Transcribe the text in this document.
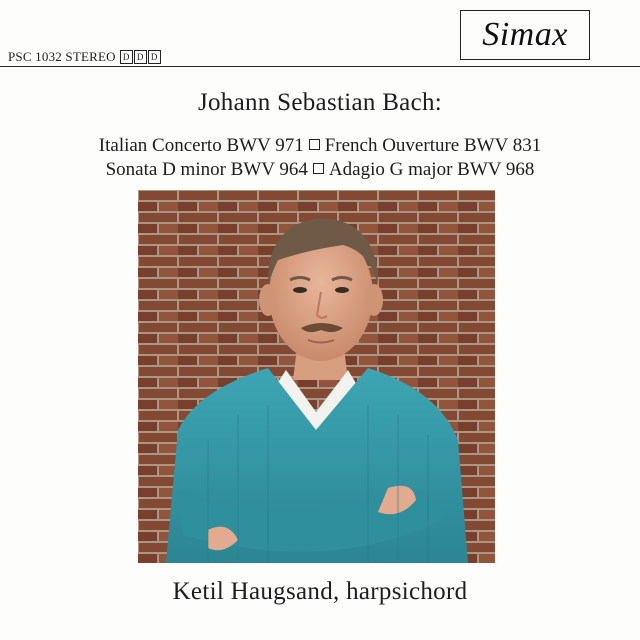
PSC 1032 STEREO D D D
Simax
Johann Sebastian Bach:
Italian Concerto BWV 971 French Ouverture BWV 831
Sonata D minor BWV 964 Adagio G major BWV 968
Ketil Haugsand, harpsichord
